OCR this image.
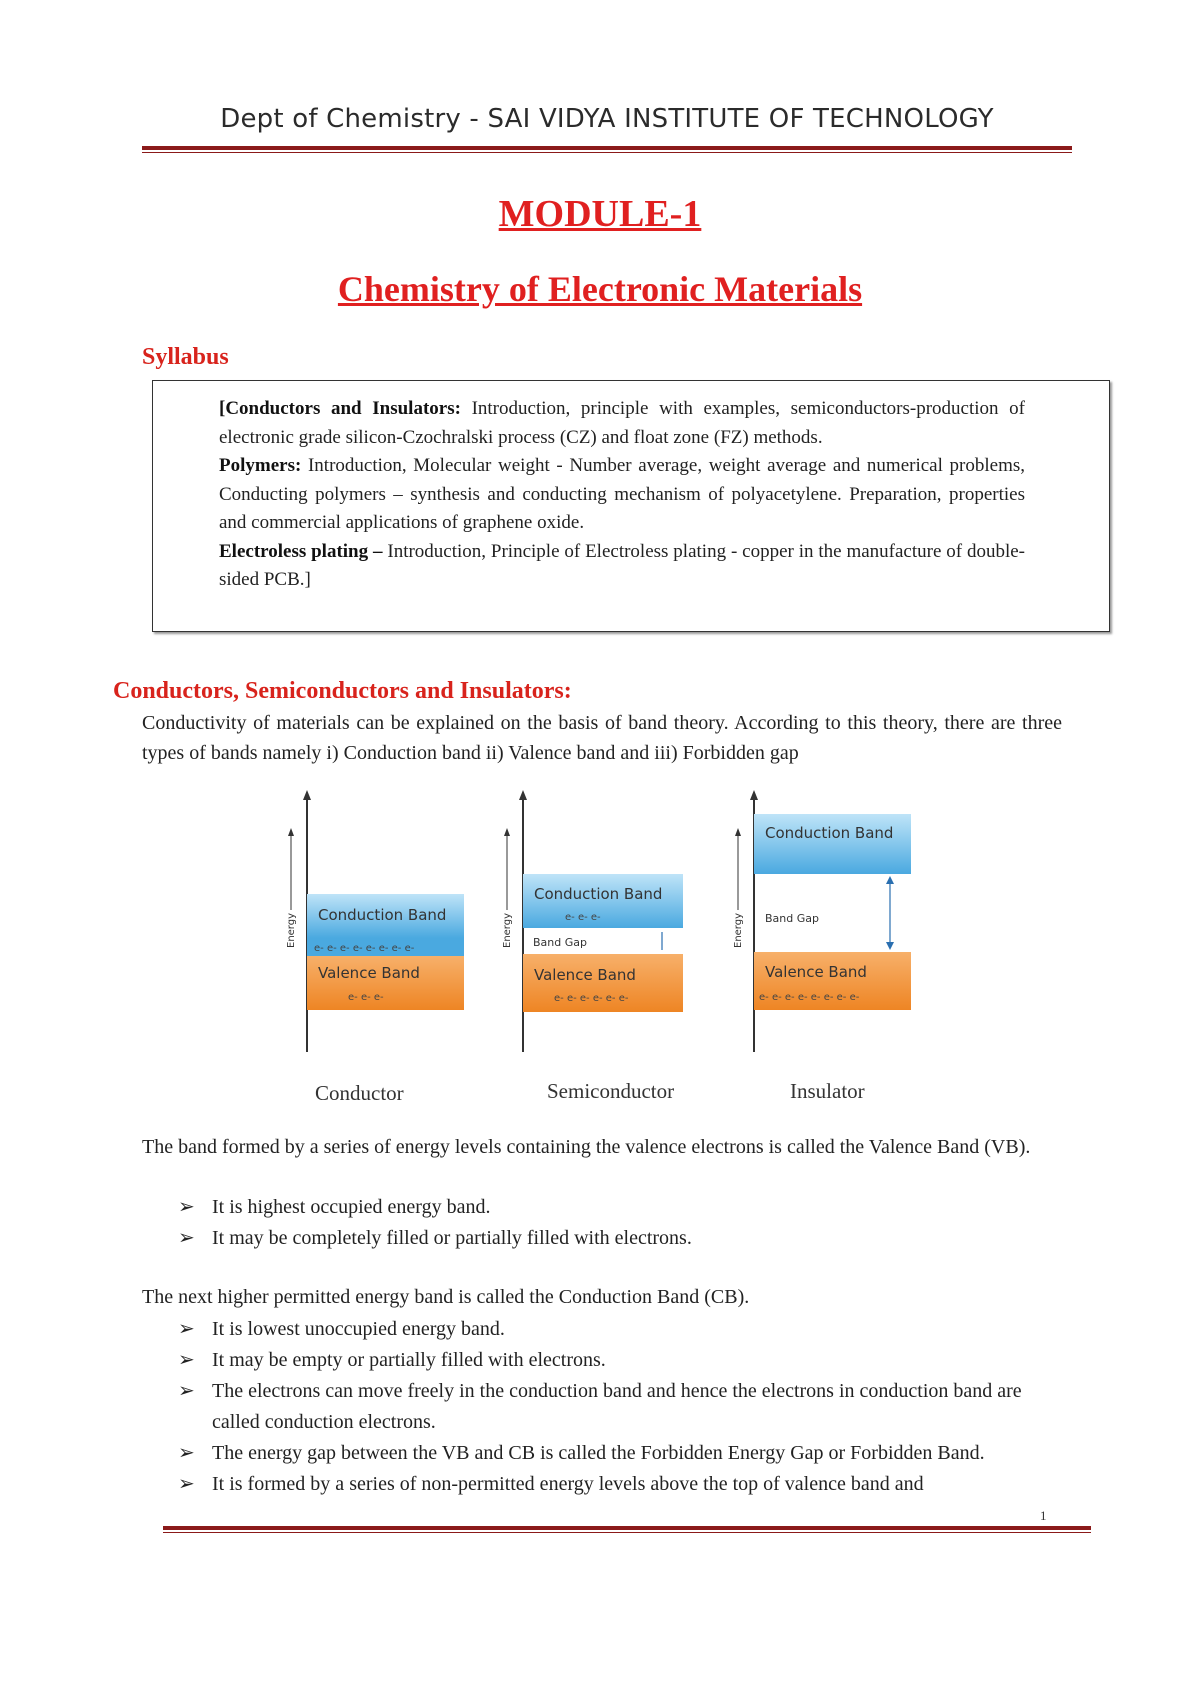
Dept of Chemistry - SAI VIDYA INSTITUTE OF TECHNOLOGY
MODULE-1
Chemistry of Electronic Materials
Syllabus

[Conductors and Insulators: Introduction, principle with examples, semiconductors-production of electronic grade silicon-Czochralski process (CZ) and float zone (FZ) methods.

Polymers: Introduction, Molecular weight - Number average, weight average and numerical problems, Conducting polymers – synthesis and conducting mechanism of polyacetylene. Preparation, properties and commercial applications of graphene oxide.

Electroless plating – Introduction, Principle of Electroless plating - copper in the manufacture of double-sided PCB.]

Conductors, Semiconductors and Insulators:
Conductivity of materials can be explained on the basis of band theory. According to this theory, there are three types of bands namely i) Conduction band ii) Valence band and iii) Forbidden gap
Energy Conduction Band
e- e- e- e- e- e- e- e-
Valence Band
e- e- e-
Conductor
Energy
Conduction Band
e- e- e-
Band Gap
Valence Band
e- e- e- e- e- e-
Semiconductor
Energy
Conduction Band
Band Gap
Valence Band
e- e- e- e- e- e- e- e-
Insulator
The band formed by a series of energy levels containing the valence electrons is called the Valence Band (VB).
➢ It is highest occupied energy band.
➢ It may be completely filled or partially filled with electrons.
The next higher permitted energy band is called the Conduction Band (CB).
➢ It is lowest unoccupied energy band.
➢ It may be empty or partially filled with electrons.
➢ The electrons can move freely in the conduction band and hence the electrons in conduction band are called conduction electrons.
➢ The energy gap between the VB and CB is called the Forbidden Energy Gap or Forbidden Band.
➢ It is formed by a series of non-permitted energy levels above the top of valence band and
1
